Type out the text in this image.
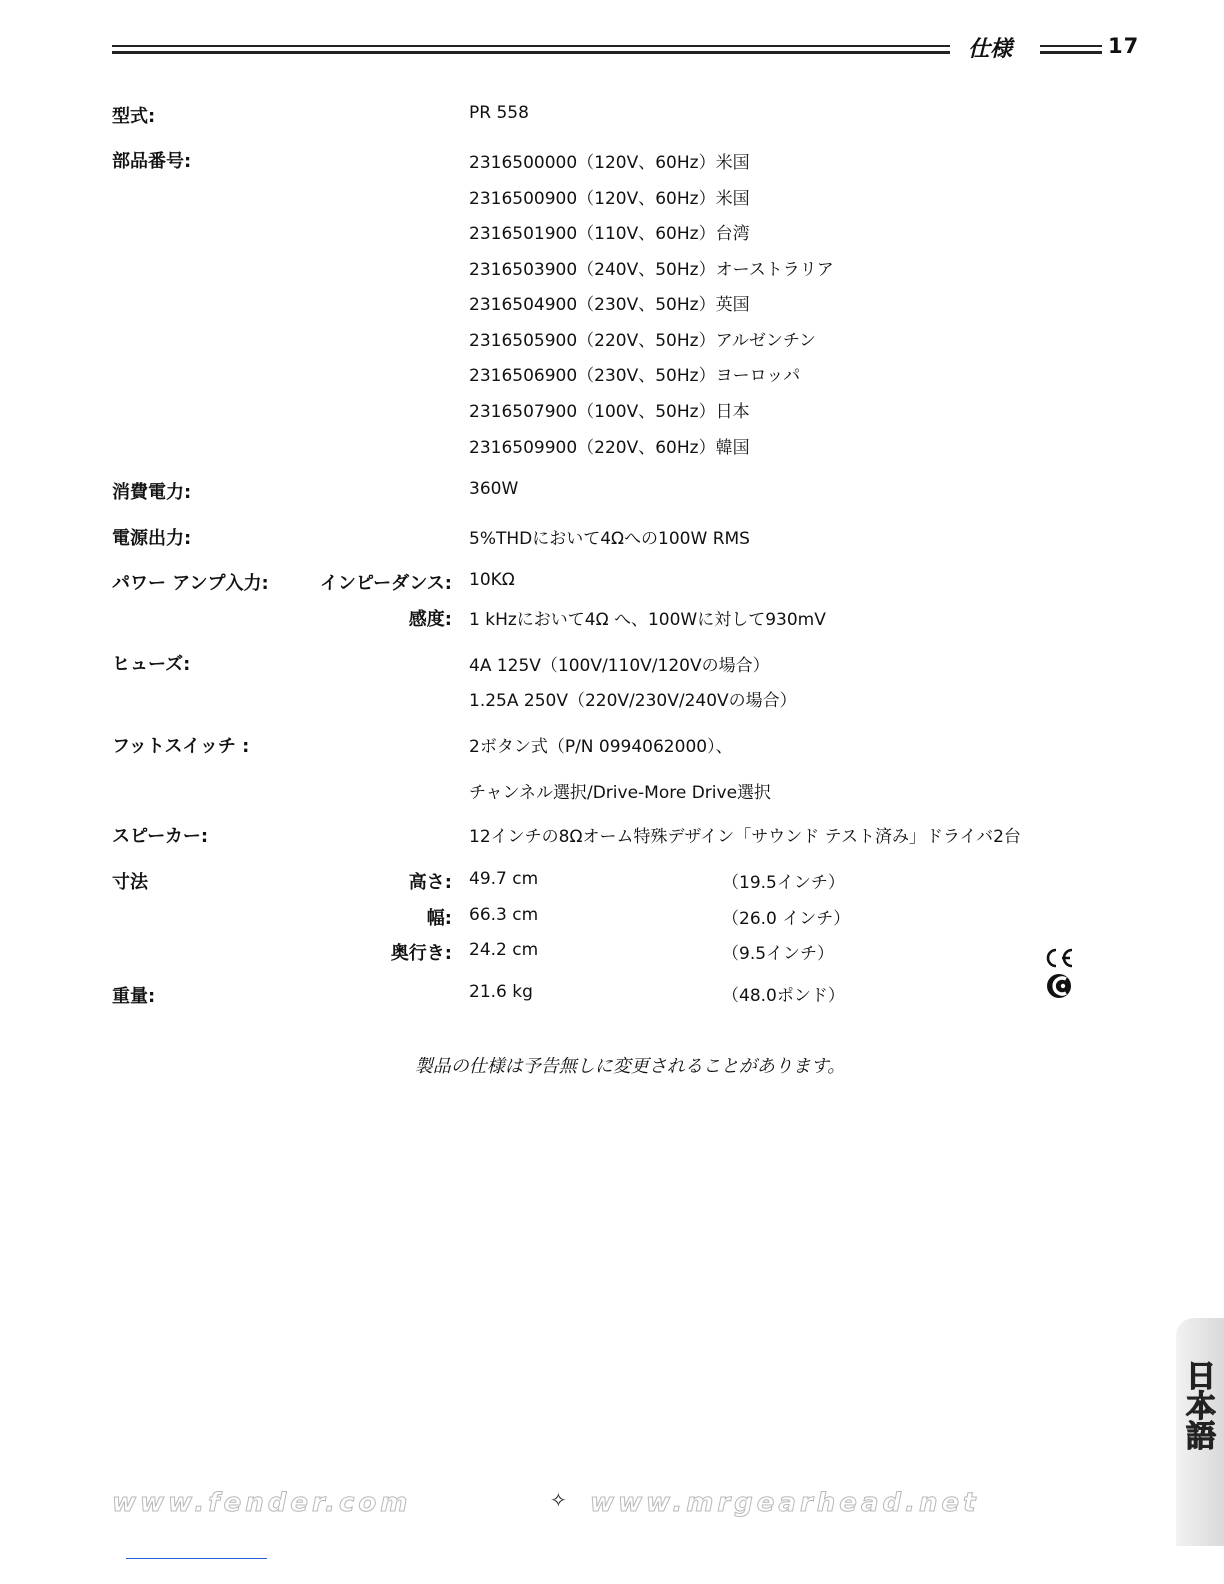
仕様	17
型式:	PR 558
部品番号:	2316500000（120V、60Hz）米国
2316500900（120V、60Hz）米国
2316501900（110V、60Hz）台湾
2316503900（240V、50Hz）オーストラリア
2316504900（230V、50Hz）英国
2316505900（220V、50Hz）アルゼンチン
2316506900（230V、50Hz）ヨーロッパ
2316507900（100V、50Hz）日本
2316509900（220V、60Hz）韓国
消費電力:	360W
電源出力:	5%THDにおいて4Ωへの100W RMS
パワー アンプ入力:	インピーダンス: 10KΩ
感度: 1 kHzにおいて4Ω へ、100Wに対して930mV
ヒューズ:	4A 125V（100V/110V/120Vの場合）
1.25A 250V（220V/230V/240Vの場合）
フットスイッチ :	2ボタン式（P/N 0994062000）、
チャンネル選択/Drive-More Drive選択
スピーカー:	12インチの8Ωオーム特殊デザイン「サウンド テスト済み」ドライバ2台
寸法	高さ: 49.7 cm	（19.5インチ）
幅: 66.3 cm	（26.0 インチ）
奥行き: 24.2 cm	（9.5インチ）
重量:	21.6 kg	（48.0ポンド）
製品の仕様は予告無しに変更されることがあります。
日本語
www.fender.com	✧ www.mrgearhead.net
